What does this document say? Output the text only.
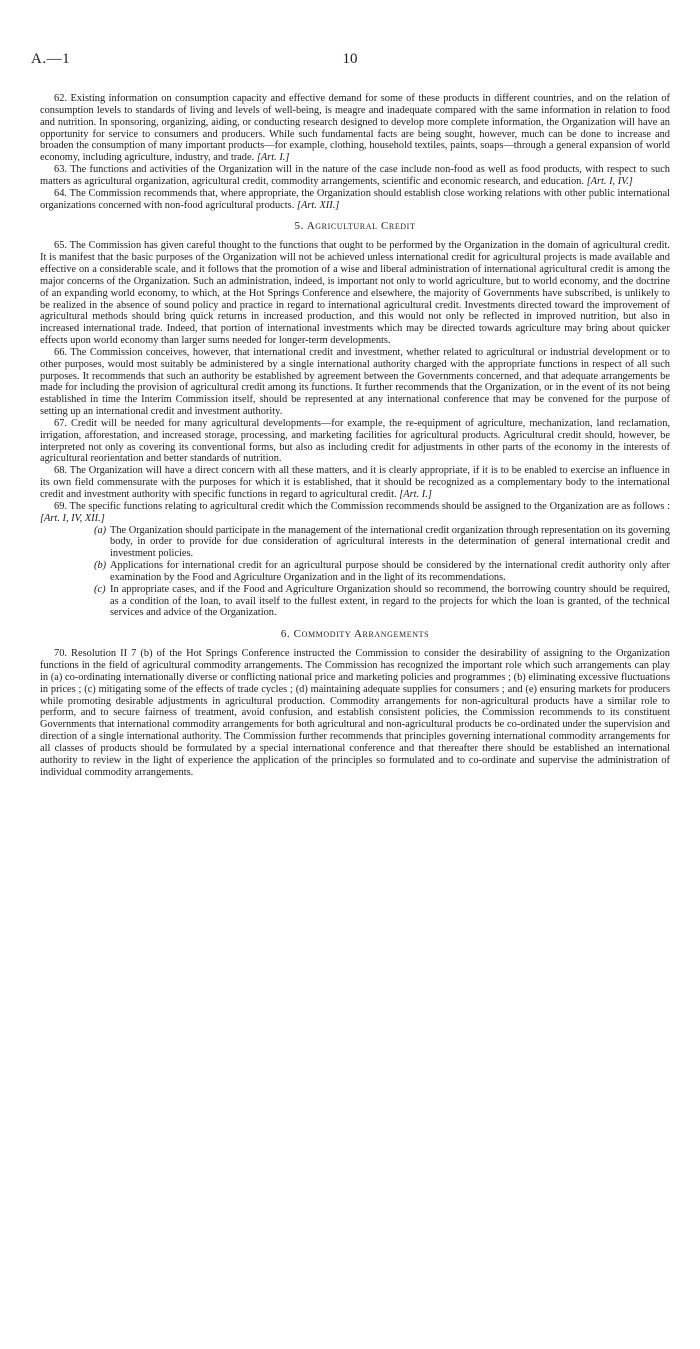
A.—1	10

62. Existing information on consumption capacity and effective demand for some of these products in different countries, and on the relation of consumption levels to standards of living and levels of well-being, is meagre and inadequate compared with the same information in relation to food and nutrition. In sponsoring, organizing, aiding, or conducting research designed to develop more complete information, the Organization will have an opportunity for service to consumers and producers. While such fundamental facts are being sought, however, much can be done to increase and broaden the consumption of many important products—for example, clothing, household textiles, paints, soaps—through a general expansion of world economy, including agriculture, industry, and trade. [Art. I.]

63. The functions and activities of the Organization will in the nature of the case include non-food as well as food products, with respect to such matters as agricultural organization, agricultural credit, commodity arrangements, scientific and economic research, and education. [Art. I, IV.]

64. The Commission recommends that, where appropriate, the Organization should establish close working relations with other public international organizations concerned with non-food agricultural products. [Art. XII.]

5. Agricultural Credit

65. The Commission has given careful thought to the functions that ought to be performed by the Organization in the domain of agricultural credit. It is manifest that the basic purposes of the Organization will not be achieved unless international credit for agricultural projects is made available and effective on a considerable scale, and it follows that the promotion of a wise and liberal administration of international agricultural credit is among the major concerns of the Organization. Such an administration, indeed, is important not only to world agriculture, but to world economy, and the doctrine of an expanding world economy, to which, at the Hot Springs Conference and elsewhere, the majority of Governments have subscribed, is unlikely to be realized in the absence of sound policy and practice in regard to international agricultural credit. Investments directed toward the improvement of agricultural methods should bring quick returns in increased production, and this would not only be reflected in improved nutrition, but also in increased international trade. Indeed, that portion of international investments which may be directed towards agriculture may bring about quicker effects upon world economy than larger sums needed for longer-term developments.

66. The Commission conceives, however, that international credit and investment, whether related to agricultural or industrial development or to other purposes, would most suitably be administered by a single international authority charged with the appropriate functions in respect of all such purposes. It recommends that such an authority be established by agreement between the Governments concerned, and that adequate arrangements be made for including the provision of agricultural credit among its functions. It further recommends that the Organization, or in the event of its not being established in time the Interim Commission itself, should be represented at any international conference that may be convened for the purpose of setting up an international credit and investment authority.

67. Credit will be needed for many agricultural developments—for example, the re-equipment of agriculture, mechanization, land reclamation, irrigation, afforestation, and increased storage, processing, and marketing facilities for agricultural products. Agricultural credit should, however, be interpreted not only as covering its conventional forms, but also as including credit for adjustments in other parts of the economy in the interests of agricultural reorientation and better standards of nutrition.

68. The Organization will have a direct concern with all these matters, and it is clearly appropriate, if it is to be enabled to exercise an influence in its own field commensurate with the purposes for which it is established, that it should be recognized as a complementary body to the international credit and investment authority with specific functions in regard to agricultural credit. [Art. I.]

69. The specific functions relating to agricultural credit which the Commission recommends should be assigned to the Organization are as follows : [Art. I, IV, XII.]

(a) The Organization should participate in the management of the international credit organization through representation on its governing body, in order to provide for due consideration of agricultural interests in the determination of general international credit and investment policies.
(b) Applications for international credit for an agricultural purpose should be considered by the international credit authority only after examination by the Food and Agriculture Organization and in the light of its recommendations.
(c) In appropriate cases, and if the Food and Agriculture Organization should so recommend, the borrowing country should be required, as a condition of the loan, to avail itself to the fullest extent, in regard to the projects for which the loan is granted, of the technical services and advice of the Organization.
6. Commodity Arrangements

70. Resolution II 7 (b) of the Hot Springs Conference instructed the Commission to consider the desirability of assigning to the Organization functions in the field of agricultural commodity arrangements. The Commission has recognized the important role which such arrangements can play in (a) co-ordinating internationally diverse or conflicting national price and marketing policies and programmes ; (b) eliminating excessive fluctuations in prices ; (c) mitigating some of the effects of trade cycles ; (d) maintaining adequate supplies for consumers ; and (e) ensuring markets for producers while promoting desirable adjustments in agricultural production. Commodity arrangements for non-agricultural products have a similar role to perform, and to secure fairness of treatment, avoid confusion, and establish consistent policies, the Commission recommends to its constituent Governments that international commodity arrangements for both agricultural and non-agricultural products be co-ordinated under the supervision and direction of a single international authority. The Commission further recommends that principles governing international commodity arrangements for all classes of products should be formulated by a special international conference and that thereafter there should be established an international authority to review in the light of experience the application of the principles so formulated and to co-ordinate and supervise the administration of individual commodity arrangements.
